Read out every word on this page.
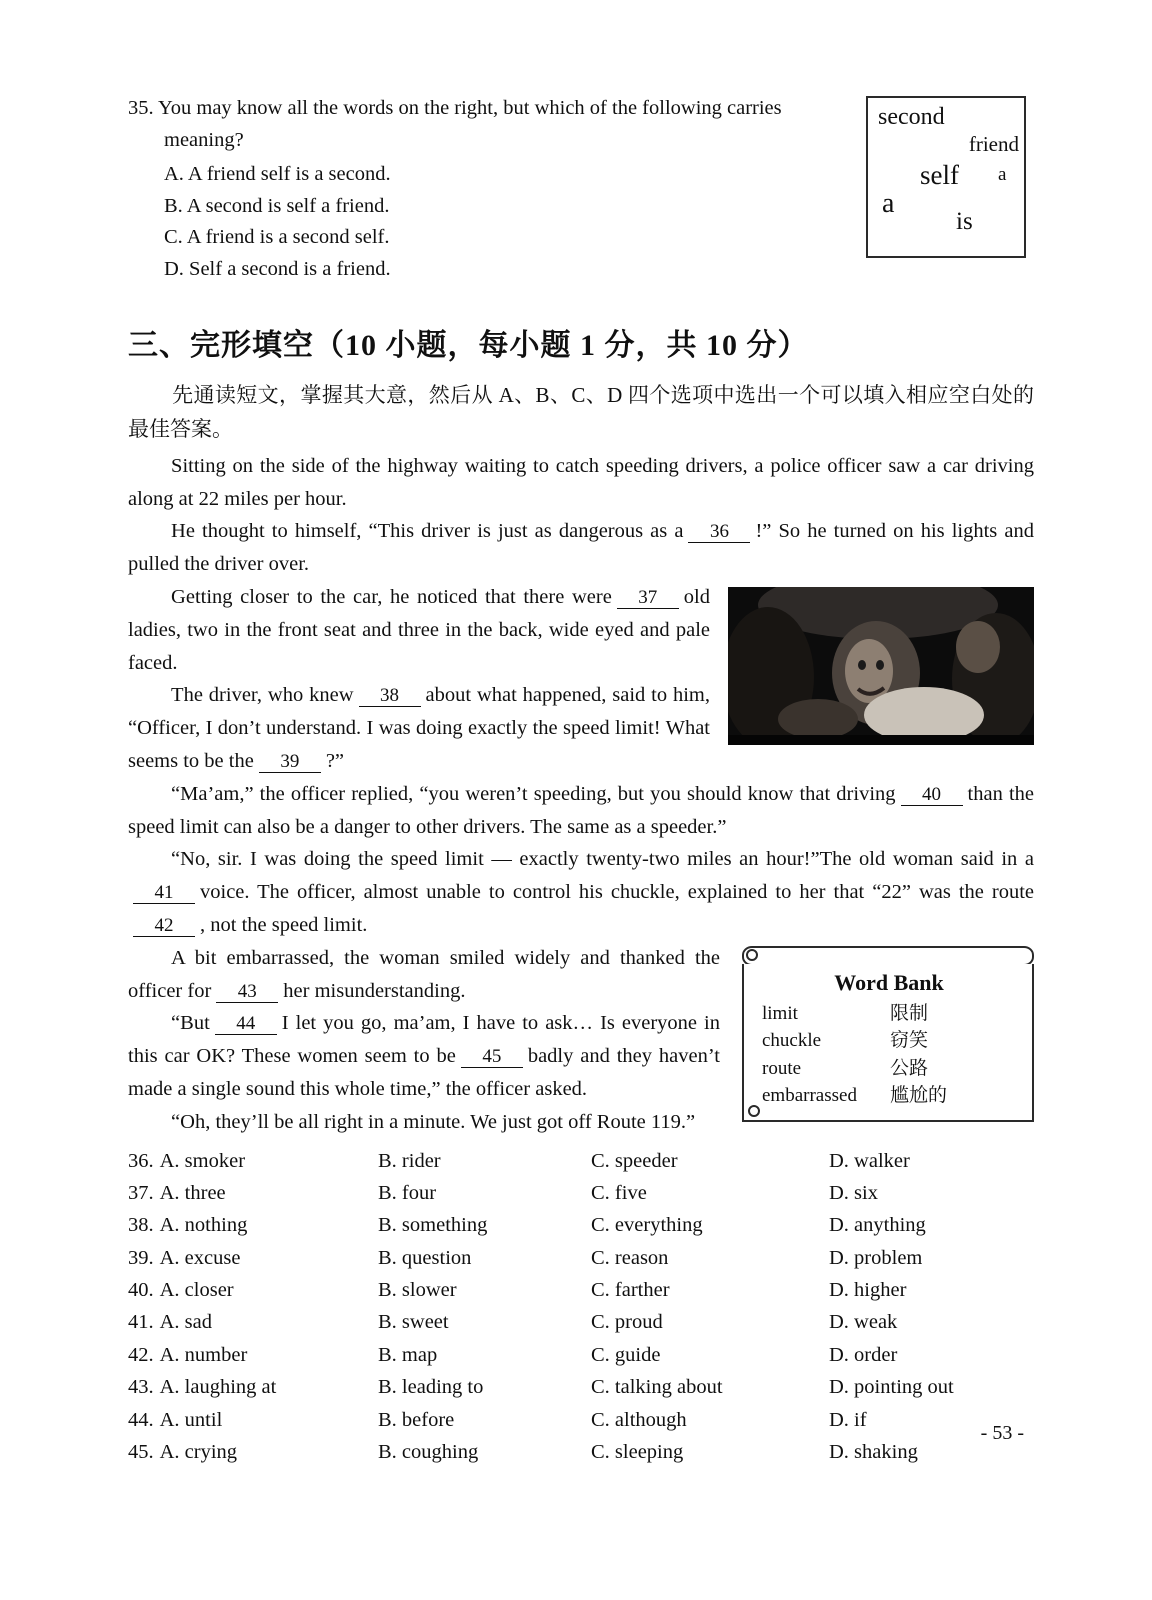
35. You may know all the words on the right, but which of the following carries meaning?
A. A friend self is a second.
B. A second is self a friend.
C. A friend is a second self.
D. Self a second is a friend.
second
friend
self a
a
is
三、完形填空（10 小题，每小题 1 分，共 10 分）
先通读短文，掌握其大意，然后从 A、B、C、D 四个选项中选出一个可以填入相应空白处的最佳答案。

Sitting on the side of the highway waiting to catch speeding drivers, a police officer saw a car driving along at 22 miles per hour.

He thought to himself, “This driver is just as dangerous as a 36 !” So he turned on his lights and pulled the driver over.

Getting closer to the car, he noticed that there were 37 old ladies, two in the front seat and three in the back, wide eyed and pale faced.

The driver, who knew 38 about what happened, said to him, “Officer, I don’t understand. I was doing exactly the speed limit! What seems to be the 39 ?”

“Ma’am,” the officer replied, “you weren’t speeding, but you should know that driving 40 than the speed limit can also be a danger to other drivers. The same as a speeder.”

“No, sir. I was doing the speed limit — exactly twenty-two miles an hour!”The old woman said in a41 voice. The officer, almost unable to control his chuckle, explained to her that “22” was the route42 , not the speed limit.

Word Bank
limit	限制
chuckle	窃笑
route	公路
embarrassed	尴尬的

A bit embarrassed, the woman smiled widely and thanked the officer for 43 her misunderstanding.

“But 44 I let you go, ma’am, I have to ask… Is everyone in this car OK? These women seem to be 45 badly and they haven’t made a single sound this whole time,” the officer asked.

“Oh, they’ll be all right in a minute. We just got off Route 119.”

36. A. smoker	B. rider	C. speeder	D. walker
37. A. three	B. four	C. five	D. six
38. A. nothing	B. something	C. everything	D. anything
39. A. excuse	B. question	C. reason	D. problem
40. A. closer	B. slower	C. farther	D. higher
41. A. sad	B. sweet	C. proud	D. weak
42. A. number	B. map	C. guide	D. order
43. A. laughing at	B. leading to	C. talking about	D. pointing out
44. A. until	B. before	C. although	D. if
45. A. crying	B. coughing	C. sleeping	D. shaking
- 53 -
